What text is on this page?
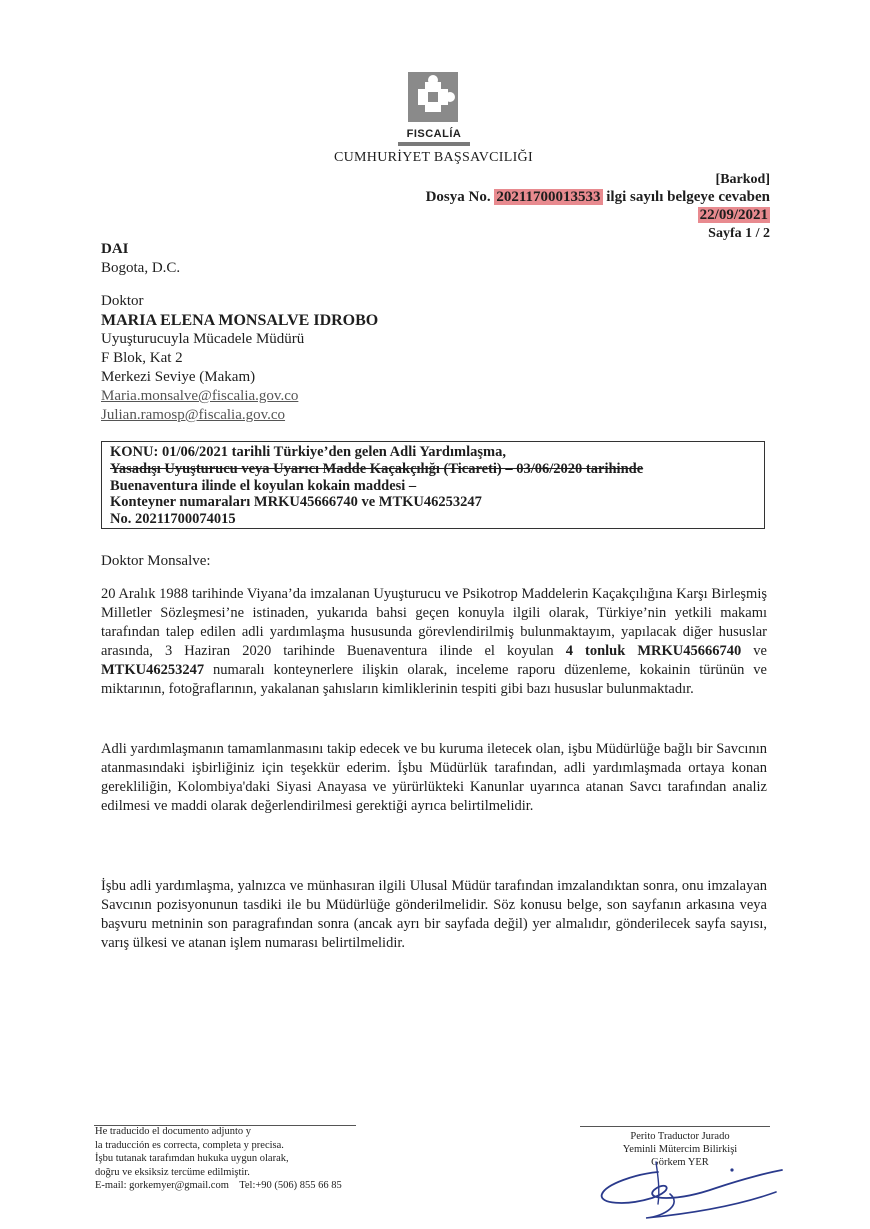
FISCALÍA
CUMHURİYET BAŞSAVCILIĞI
[Barkod]
Dosya No. 20211700013533 ilgi sayılı belgeye cevaben
22/09/2021
Sayfa 1 / 2
DAI
Bogota, D.C.
Doktor
MARIA ELENA MONSALVE IDROBO
Uyuşturucuyla Mücadele Müdürü
F Blok, Kat 2
Merkezi Seviye (Makam)
Maria.monsalve@fiscalia.gov.co
Julian.ramosp@fiscalia.gov.co
KONU: 01/06/2021 tarihli Türkiye’den gelen Adli Yardımlaşma,
Yasadışı Uyuşturucu veya Uyarıcı Madde Kaçakçılığı (Ticareti) – 03/06/2020 tarihinde
Buenaventura ilinde el koyulan kokain maddesi –
Konteyner numaraları MRKU45666740 ve MTKU46253247
No. 20211700074015
Doktor Monsalve:
20 Aralık 1988 tarihinde Viyana’da imzalanan Uyuşturucu ve Psikotrop Maddelerin Kaçakçılığına Karşı Birleşmiş Milletler Sözleşmesi’ne istinaden, yukarıda bahsi geçen konuyla ilgili olarak, Türkiye’nin yetkili makamı tarafından talep edilen adli yardımlaşma hususunda görevlendirilmiş bulunmaktayım, yapılacak diğer hususlar arasında, 3 Haziran 2020 tarihinde Buenaventura ilinde el koyulan 4 tonluk MRKU45666740 ve MTKU46253247 numaralı konteynerlere ilişkin olarak, inceleme raporu düzenleme, kokainin türünün ve miktarının, fotoğraflarının, yakalanan şahısların kimliklerinin tespiti gibi bazı hususlar bulunmaktadır.
Adli yardımlaşmanın tamamlanmasını takip edecek ve bu kuruma iletecek olan, işbu Müdürlüğe bağlı bir Savcının atanmasındaki işbirliğiniz için teşekkür ederim. İşbu Müdürlük tarafından, adli yardımlaşmada ortaya konan gerekliliğin, Kolombiya'daki Siyasi Anayasa ve yürürlükteki Kanunlar uyarınca atanan Savcı tarafından analiz edilmesi ve maddi olarak değerlendirilmesi gerektiği ayrıca belirtilmelidir.
İşbu adli yardımlaşma, yalnızca ve münhasıran ilgili Ulusal Müdür tarafından imzalandıktan sonra, onu imzalayan Savcının pozisyonunun tasdiki ile bu Müdürlüğe gönderilmelidir. Söz konusu belge, son sayfanın arkasına veya başvuru metninin son paragrafından sonra (ancak ayrı bir sayfada değil) yer almalıdır, gönderilecek sayfa sayısı, varış ülkesi ve atanan işlem numarası belirtilmelidir.
He traducido el documento adjunto y
la traducción es correcta, completa y precisa.
İşbu tutanak tarafımdan hukuka uygun olarak,
doğru ve eksiksiz tercüme edilmiştir.
E-mail: gorkemyer@gmail.com Tel:+90 (506) 855 66 85
Perito Traductor Jurado
Yeminli Mütercim Bilirkişi
Görkem YER
